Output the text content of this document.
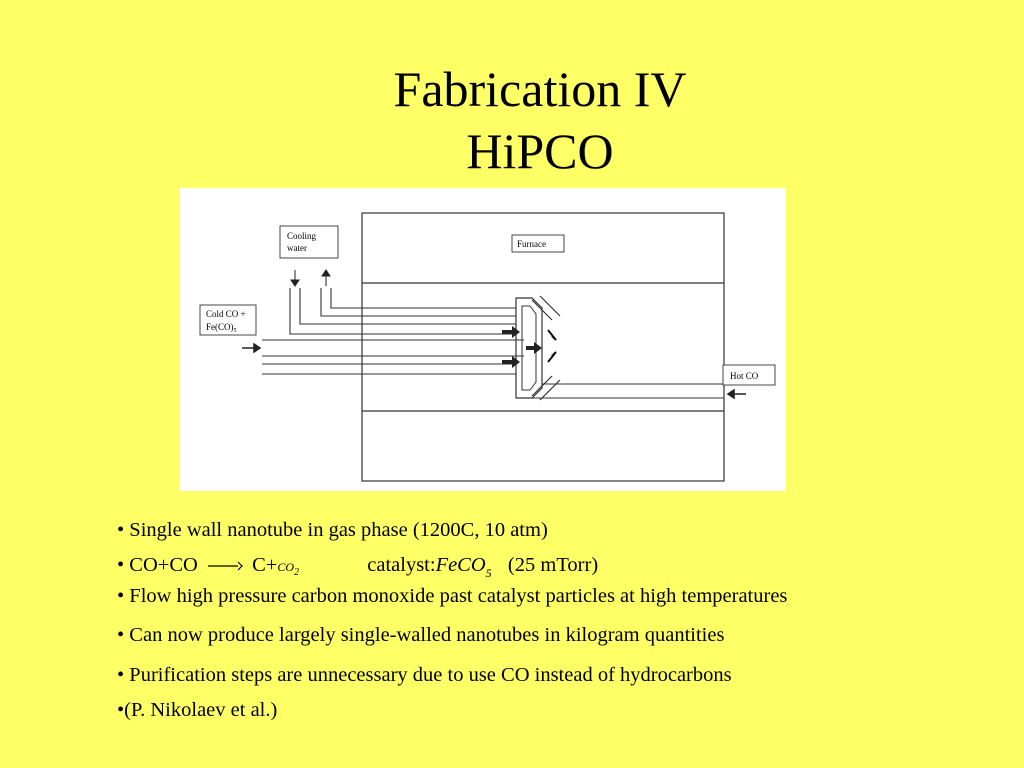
Fabrication IV
HiPCO
Furnace
Cooling
water
Cold CO +
$Fe(CO)_5$
Hot CO
• Single wall nanotube in gas phase (1200C, 10 atm)
• $CO+CO \to C+CO_2$	catalyst:FeCO$_5$ (25 mTorr)
• Flow high pressure carbon monoxide past catalyst particles at high temperatures
• Can now produce largely single-walled nanotubes in kilogram quantities
• Purification steps are unnecessary due to use CO instead of hydrocarbons
•(P. Nikolaev et al.)
